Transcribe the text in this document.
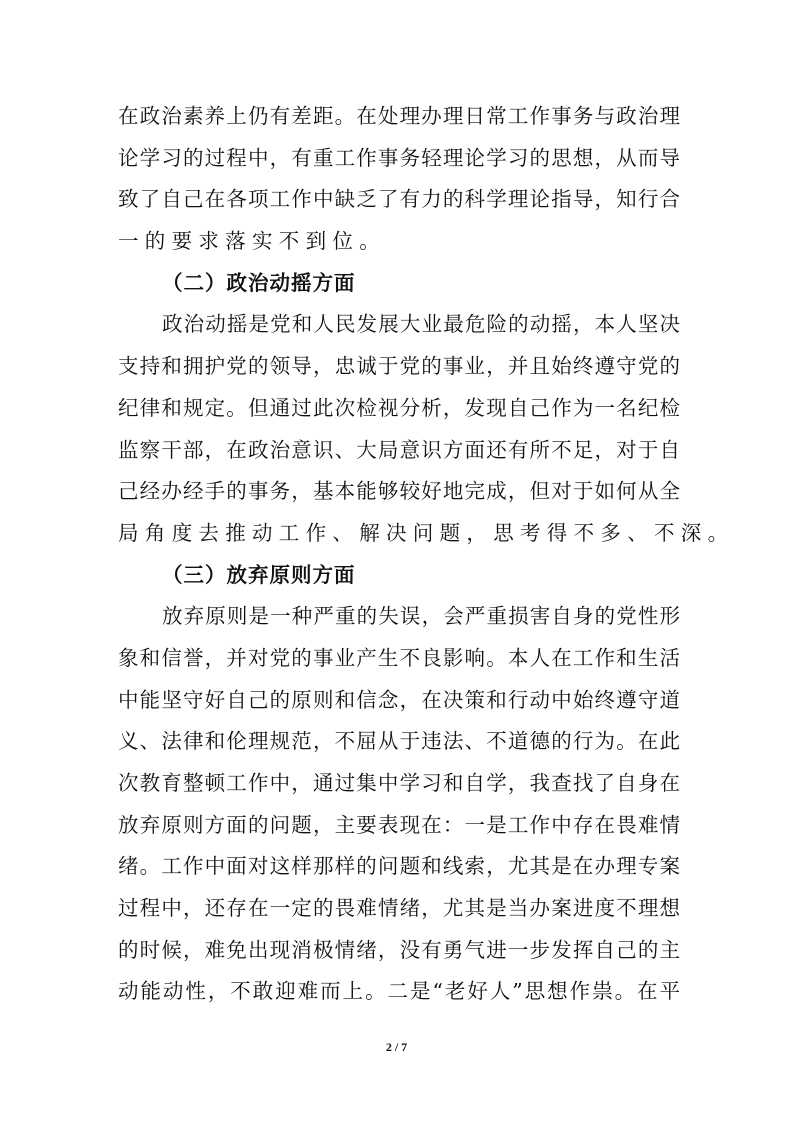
在政治素养上仍有差距。在处理办理日常工作事务与政治理
论学习的过程中，有重工作事务轻理论学习的思想，从而导
致了自己在各项工作中缺乏了有力的科学理论指导，知行合
一的要求落实不到位。
（二）政治动摇方面
政治动摇是党和人民发展大业最危险的动摇，本人坚决
支持和拥护党的领导，忠诚于党的事业，并且始终遵守党的
纪律和规定。但通过此次检视分析，发现自己作为一名纪检
监察干部，在政治意识、大局意识方面还有所不足，对于自
己经办经手的事务，基本能够较好地完成，但对于如何从全
局角度去推动工作、解决问题，思考得不多、不深。
（三）放弃原则方面
放弃原则是一种严重的失误，会严重损害自身的党性形
象和信誉，并对党的事业产生不良影响。本人在工作和生活
中能坚守好自己的原则和信念，在决策和行动中始终遵守道
义、法律和伦理规范，不屈从于违法、不道德的行为。在此
次教育整顿工作中，通过集中学习和自学，我查找了自身在
放弃原则方面的问题，主要表现在：一是工作中存在畏难情
绪。工作中面对这样那样的问题和线索，尤其是在办理专案
过程中，还存在一定的畏难情绪，尤其是当办案进度不理想
的时候，难免出现消极情绪，没有勇气进一步发挥自己的主
动能动性，不敢迎难而上。二是“老好人”思想作祟。在平
2 / 7
